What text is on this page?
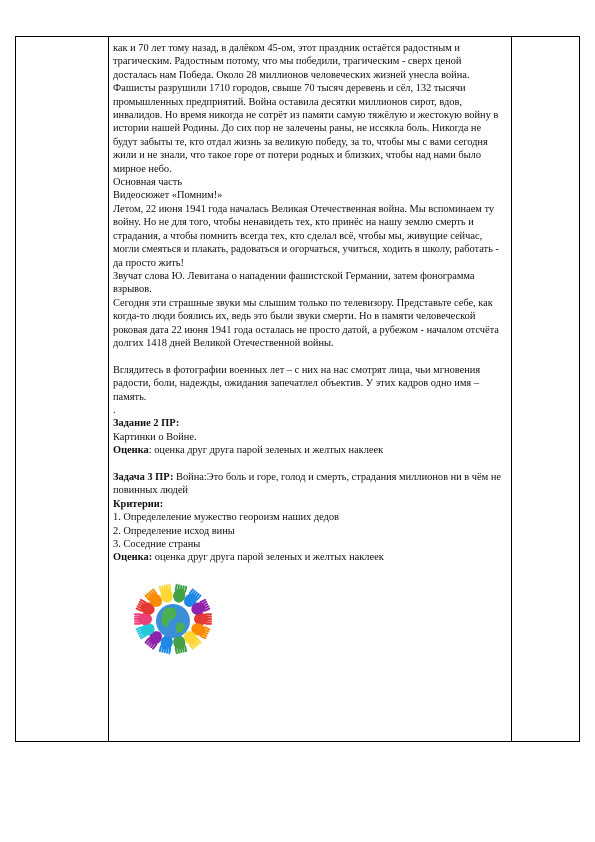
как и 70 лет тому назад, в далёком 45-ом, этот праздник остаётся радостным и трагическим. Радостным потому, что мы победили, трагическим - сверх ценой досталась нам Победа. Около 28 миллионов человеческих жизней унесла война. Фашисты разрушили 1710 городов, свыше 70 тысяч деревень и сёл, 132 тысячи промышленных предприятий. Война оставила десятки миллионов сирот, вдов, инвалидов. Но время никогда не сотрёт из памяти самую тяжёлую и жестокую войну в истории нашей Родины. До сих пор не залечены раны, не иссякла боль. Никогда не будут забыты те, кто отдал жизнь за великую победу, за то, чтобы мы с вами сегодня жили и не знали, что такое горе от потери родных и близких, чтобы над нами было мирное небо.

Основная часть

Видеосюжет «Помним!»

Летом, 22 июня 1941 года началась Великая Отечественная война. Мы вспоминаем ту войну. Но не для того, чтобы ненавидеть тех, кто принёс на нашу землю смерть и страдания, а чтобы помнить всегда тех, кто сделал всё, чтобы мы, живущие сейчас, могли смеяться и плакать, радоваться и огорчаться, учиться, ходить в школу, работать - да просто жить!

Звучат слова Ю. Левитана о нападении фашистской Германии, затем фонограмма взрывов.

Сегодня эти страшные звуки мы слышим только по телевизору. Представьте себе, как когда-то люди боялись их, ведь это были звуки смерти. Но в памяти человеческой роковая дата 22 июня 1941 года осталась не просто датой, а рубежом - началом отсчёта долгих 1418 дней Великой Отечественной войны.

Вглядитесь в фотографии военных лет – с них на нас смотрят лица, чьи мгновения радости, боли, надежды, ожидания запечатлел объектив. У этих кадров одно имя – память.

.

Задание 2 ПР:

Картинки о Войне.

Оценка: оценка друг друга парой зеленых и желтых наклеек

Задача 3 ПР: Война:Это боль и горе, голод и смерть, страдания миллионов ни в чём не повинных людей

Критерии:

1. Определеление мужество геороизм наших дедов

2. Определение исход вины

3. Соседние страны

Оценка: оценка друг друга парой зеленых и желтых наклеек
